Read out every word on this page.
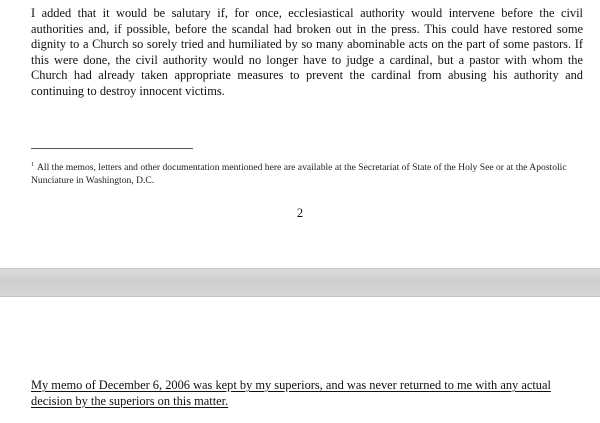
I added that it would be salutary if, for once, ecclesiastical authority would intervene before the civil authorities and, if possible, before the scandal had broken out in the press. This could have restored some dignity to a Church so sorely tried and humiliated by so many abominable acts on the part of some pastors. If this were done, the civil authority would no longer have to judge a cardinal, but a pastor with whom the Church had already taken appropriate measures to prevent the cardinal from abusing his authority and continuing to destroy innocent victims.

$^1$ All the memos, letters and other documentation mentioned here are available at the Secretariat of State of the Holy See or at the Apostolic Nunciature in Washington, D.C.

2

My memo of December 6, 2006 was kept by my superiors, and was never returned to me with any actual decision by the superiors on this matter.
